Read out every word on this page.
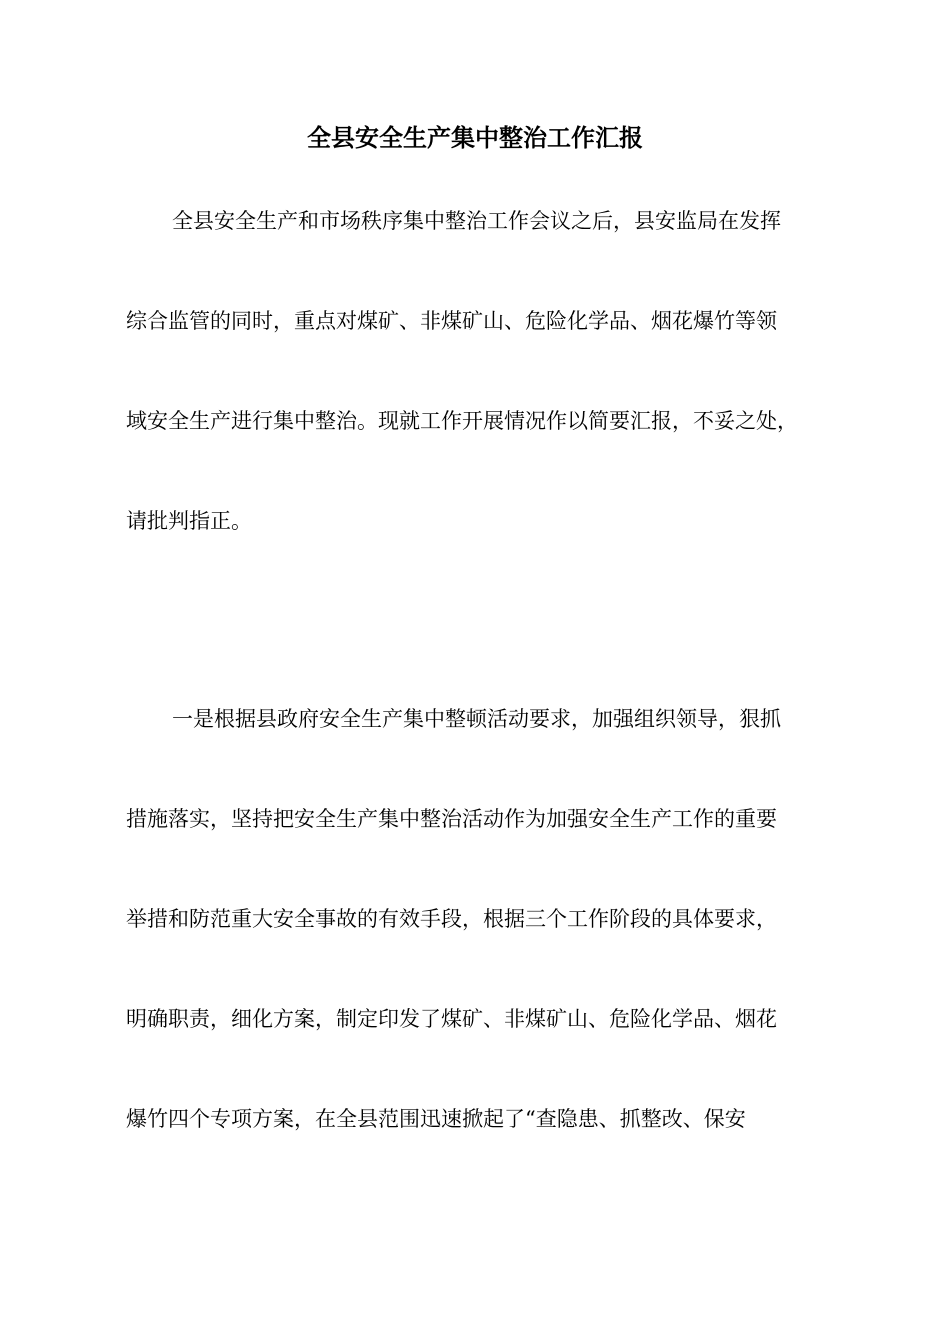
全县安全生产集中整治工作汇报

全县安全生产和市场秩序集中整治工作会议之后，县安监局在发挥

综合监管的同时，重点对煤矿、非煤矿山、危险化学品、烟花爆竹等领

域安全生产进行集中整治。现就工作开展情况作以简要汇报，不妥之处，

请批判指正。

一是根据县政府安全生产集中整顿活动要求，加强组织领导，狠抓

措施落实，坚持把安全生产集中整治活动作为加强安全生产工作的重要

举措和防范重大安全事故的有效手段，根据三个工作阶段的具体要求，

明确职责，细化方案，制定印发了煤矿、非煤矿山、危险化学品、烟花

爆竹四个专项方案，在全县范围迅速掀起了“查隐患、抓整改、保安
